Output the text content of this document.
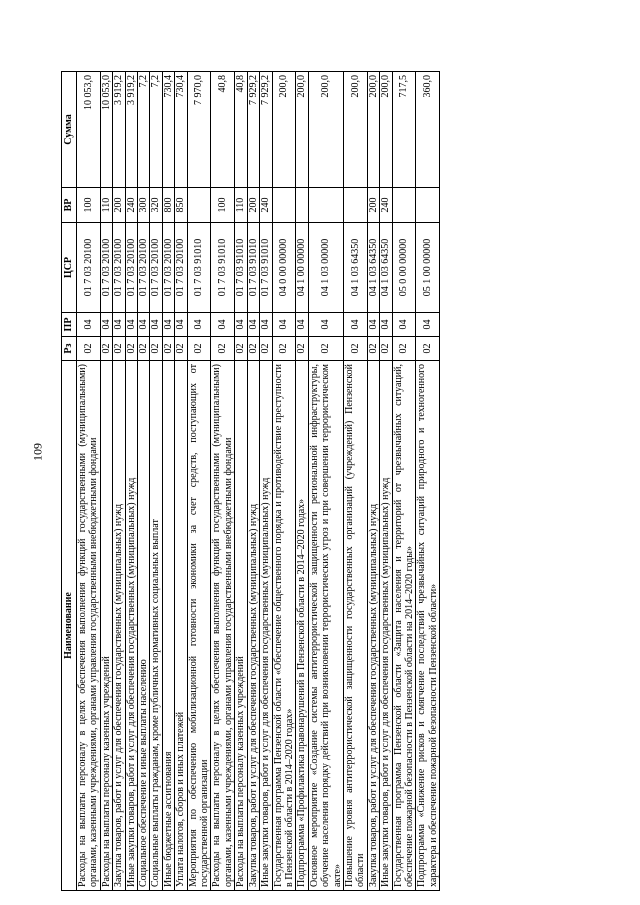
109
Наименование	Рз	ПР	ЦСР	ВР	Сумма
Расходы на выплаты персоналу в целях обеспечения выполнения функций государственными (муниципальными) органами, казенными учреждениями, органами управления государственными внебюджетными фондами	02	04	01 7 03 20100	100	10 053,0
Расходы на выплаты персоналу казенных учреждений	02	04	01 7 03 20100	110	10 053,0
Закупка товаров, работ и услуг для обеспечения государственных (муниципальных) нужд	02	04	01 7 03 20100	200	3 919,2
Иные закупки товаров, работ и услуг для обеспечения государственных (муниципальных) нужд	02	04	01 7 03 20100	240	3 919,2
Социальное обеспечение и иные выплаты населению	02	04	01 7 03 20100	300	7,2
Социальные выплаты гражданам, кроме публичных нормативных социальных выплат	02	04	01 7 03 20100	320	7,2
Иные бюджетные ассигнования	02	04	01 7 03 20100	800	730,4
Уплата налогов, сборов и иных платежей	02	04	01 7 03 20100	850	730,4
Мероприятия по обеспечению мобилизационной готовности экономики за счет средств, поступающих от государственной организации	02	04	01 7 03 91010		7 970,0
Расходы на выплаты персоналу в целях обеспечения выполнения функций государственными (муниципальными) органами, казенными учреждениями, органами управления государственными внебюджетными фондами	02	04	01 7 03 91010	100	40,8
Расходы на выплаты персоналу казенных учреждений	02	04	01 7 03 91010	110	40,8
Закупка товаров, работ и услуг для обеспечения государственных (муниципальных) нужд	02	04	01 7 03 91010	200	7 929,2
Иные закупки товаров, работ и услуг для обеспечения государственных (муниципальных) нужд	02	04	01 7 03 91010	240	7 929,2
Государственная программа Пензенской области «Обеспечение общественного порядка и противодействие преступности в Пензенской области в 2014–2020 годах»	02	04	04 0 00 00000		200,0
Подпрограмма «Профилактика правонарушений в Пензенской области в 2014–2020 годах»	02	04	04 1 00 00000		200,0
Основное мероприятие «Создание системы антитеррористической защищенности региональной инфраструктуры, обучение населения порядку действий при возникновении террористических угроз и при совершении террористическом акте»	02	04	04 1 03 00000		200,0
Повышение уровня антитеррористической защищенности государственных организаций (учреждений) Пензенской области	02	04	04 1 03 64350		200,0
Закупка товаров, работ и услуг для обеспечения государственных (муниципальных) нужд	02	04	04 1 03 64350	200	200,0
Иные закупки товаров, работ и услуг для обеспечения государственных (муниципальных) нужд	02	04	04 1 03 64350	240	200,0
Государственная программа Пензенской области «Защита населения и территорий от чрезвычайных ситуаций, обеспечение пожарной безопасности в Пензенской области на 2014–2020 годы»	02	04	05 0 00 00000		717,5
Подпрограмма «Снижение рисков и смягчение последствий чрезвычайных ситуаций природного и техногенного характера и обеспечение пожарной безопасности Пензенской области»	02	04	05 1 00 00000		360,0
